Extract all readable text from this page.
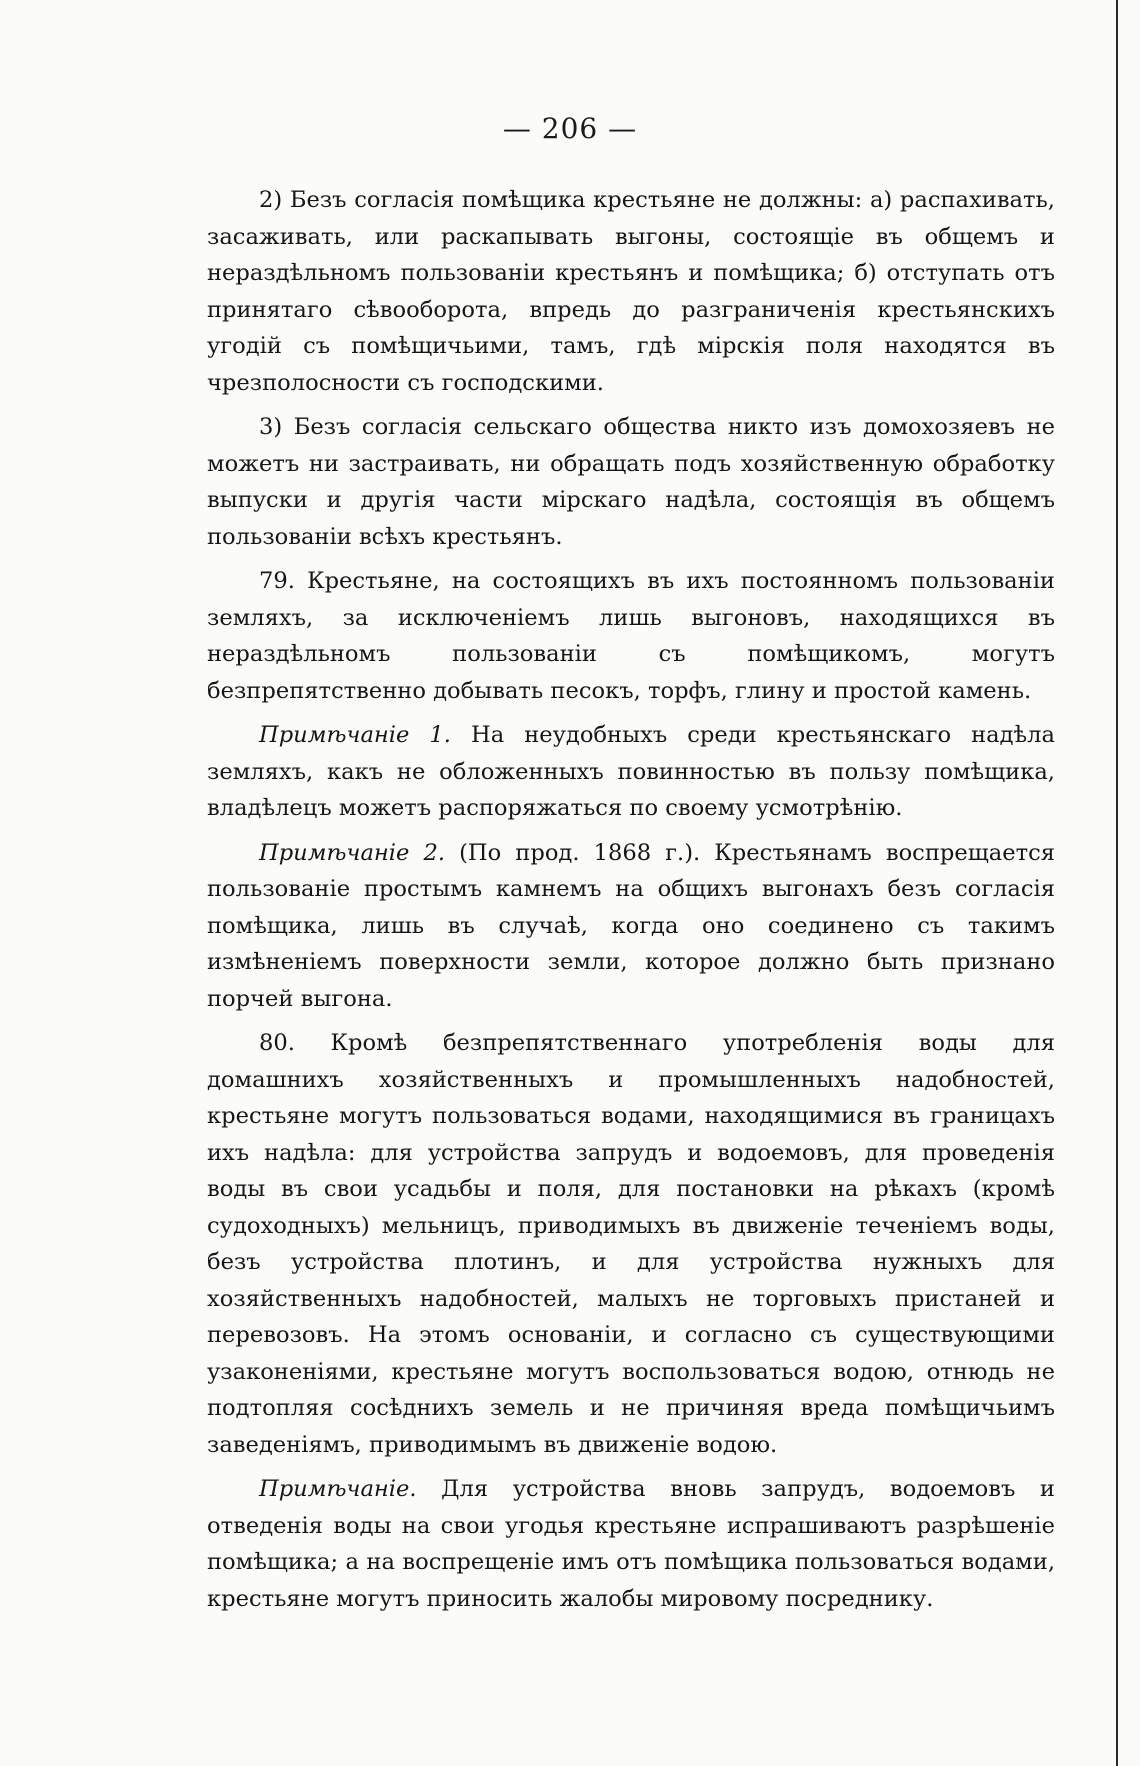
— 206 —

2) Безъ согласія помѣщика крестьяне не должны: а) распахивать, засаживать, или раскапывать выгоны, состоящіе въ общемъ и нераздѣльномъ пользованіи крестьянъ и помѣщика; б) отступать отъ принятаго сѣвооборота, впредь до разграниченія крестьянскихъ угодій съ помѣщичьими, тамъ, гдѣ мірскія поля находятся въ чрезполосности съ господскими.

3) Безъ согласія сельскаго общества никто изъ домохозяевъ не можетъ ни застраивать, ни обращать подъ хозяйственную обработку выпуски и другія части мірскаго надѣла, состоящія въ общемъ пользованіи всѣхъ крестьянъ.

79. Крестьяне, на состоящихъ въ ихъ постоянномъ пользованіи земляхъ, за исключеніемъ лишь выгоновъ, находящихся въ нераздѣльномъ пользованіи съ помѣщикомъ, могутъ безпрепятственно добывать песокъ, торфъ, глину и простой камень.

Примѣчаніе 1. На неудобныхъ среди крестьянскаго надѣла земляхъ, какъ не обложенныхъ повинностью въ пользу помѣщика, владѣлецъ можетъ распоряжаться по своему усмотрѣнію.

Примѣчаніе 2. (По прод. 1868 г.). Крестьянамъ воспрещается пользованіе простымъ камнемъ на общихъ выгонахъ безъ согласія помѣщика, лишь въ случаѣ, когда оно соединено съ такимъ измѣненіемъ поверхности земли, которое должно быть признано порчей выгона.

80. Кромѣ безпрепятственнаго употребленія воды для домашнихъ хозяйственныхъ и промышленныхъ надобностей, крестьяне могутъ пользоваться водами, находящимися въ границахъ ихъ надѣла: для устройства запрудъ и водоемовъ, для проведенія воды въ свои усадьбы и поля, для постановки на рѣкахъ (кромѣ судоходныхъ) мельницъ, приводимыхъ въ движеніе теченіемъ воды, безъ устройства плотинъ, и для устройства нужныхъ для хозяйственныхъ надобностей, малыхъ не торговыхъ пристаней и перевозовъ. На этомъ основаніи, и согласно съ существующими узаконеніями, крестьяне могутъ воспользоваться водою, отнюдь не подтопляя сосѣднихъ земель и не причиняя вреда помѣщичьимъ заведеніямъ, приводимымъ въ движеніе водою.

Примѣчаніе. Для устройства вновь запрудъ, водоемовъ и отведенія воды на свои угодья крестьяне испрашиваютъ разрѣшеніе помѣщика; а на воспрещеніе имъ отъ помѣщика пользоваться водами, крестьяне могутъ приносить жалобы мировому посреднику.
